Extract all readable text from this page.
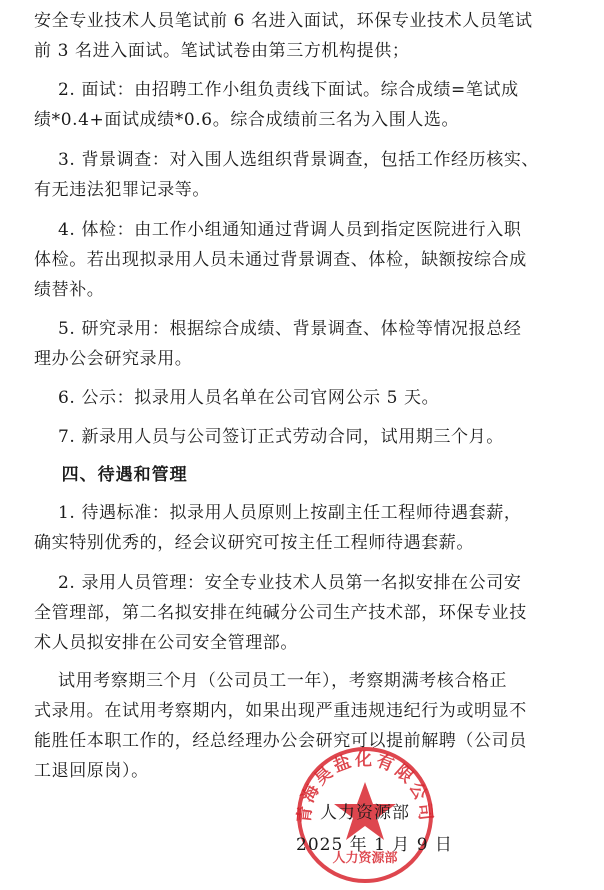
安全专业技术人员笔试前 6 名进入面试，环保专业技术人员笔试
前 3 名进入面试。笔试试卷由第三方机构提供；
2. 面试：由招聘工作小组负责线下面试。综合成绩=笔试成
绩*0.4+面试成绩*0.6。综合成绩前三名为入围人选。
3. 背景调查：对入围人选组织背景调查，包括工作经历核实、
有无违法犯罪记录等。
4. 体检：由工作小组通知通过背调人员到指定医院进行入职
体检。若出现拟录用人员未通过背景调查、体检，缺额按综合成
绩替补。
5. 研究录用：根据综合成绩、背景调查、体检等情况报总经
理办公会研究录用。
6. 公示：拟录用人员名单在公司官网公示 5 天。
7. 新录用人员与公司签订正式劳动合同，试用期三个月。
四、待遇和管理
1. 待遇标准：拟录用人员原则上按副主任工程师待遇套薪，
确实特别优秀的，经会议研究可按主任工程师待遇套薪。
2. 录用人员管理：安全专业技术人员第一名拟安排在公司安
全管理部，第二名拟安排在纯碱分公司生产技术部，环保专业技
术人员拟安排在公司安全管理部。
试用考察期三个月（公司员工一年），考察期满考核合格正
式录用。在试用考察期内，如果出现严重违规违纪行为或明显不
能胜任本职工作的，经总经理办公会研究可以提前解聘（公司员
工退回原岗）。
青海昊盐化有限公司
人力资源部
人力资源部
2025 年 1 月 9 日
